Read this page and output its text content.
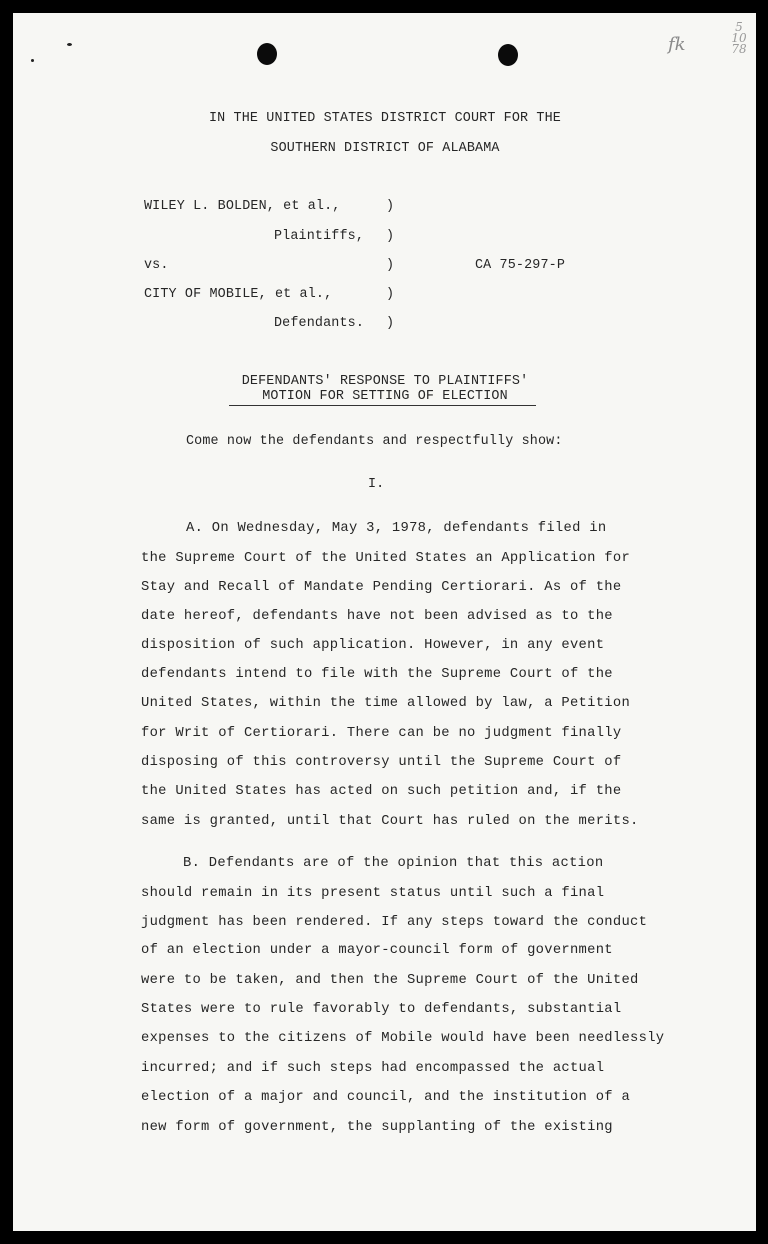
fk
5
10
78
IN THE UNITED STATES DISTRICT COURT FOR THE
SOUTHERN DISTRICT OF ALABAMA
WILEY L. BOLDEN, et al.,	)
Plaintiffs, )
vs.	)	CA 75-297-P
CITY OF MOBILE, et al.,	)
Defendants. )
DEFENDANTS' RESPONSE TO PLAINTIFFS'
MOTION FOR SETTING OF ELECTION
Come now the defendants and respectfully show:
I.
A. On Wednesday, May 3, 1978, defendants filed in
the Supreme Court of the United States an Application for
Stay and Recall of Mandate Pending Certiorari. As of the
date hereof, defendants have not been advised as to the
disposition of such application. However, in any event
defendants intend to file with the Supreme Court of the
United States, within the time allowed by law, a Petition
for Writ of Certiorari. There can be no judgment finally
disposing of this controversy until the Supreme Court of
the United States has acted on such petition and, if the
same is granted, until that Court has ruled on the merits.
B. Defendants are of the opinion that this action
should remain in its present status until such a final
judgment has been rendered. If any steps toward the conduct
of an election under a mayor-council form of government
were to be taken, and then the Supreme Court of the United
States were to rule favorably to defendants, substantial
expenses to the citizens of Mobile would have been needlessly
incurred; and if such steps had encompassed the actual
election of a major and council, and the institution of a
new form of government, the supplanting of the existing
